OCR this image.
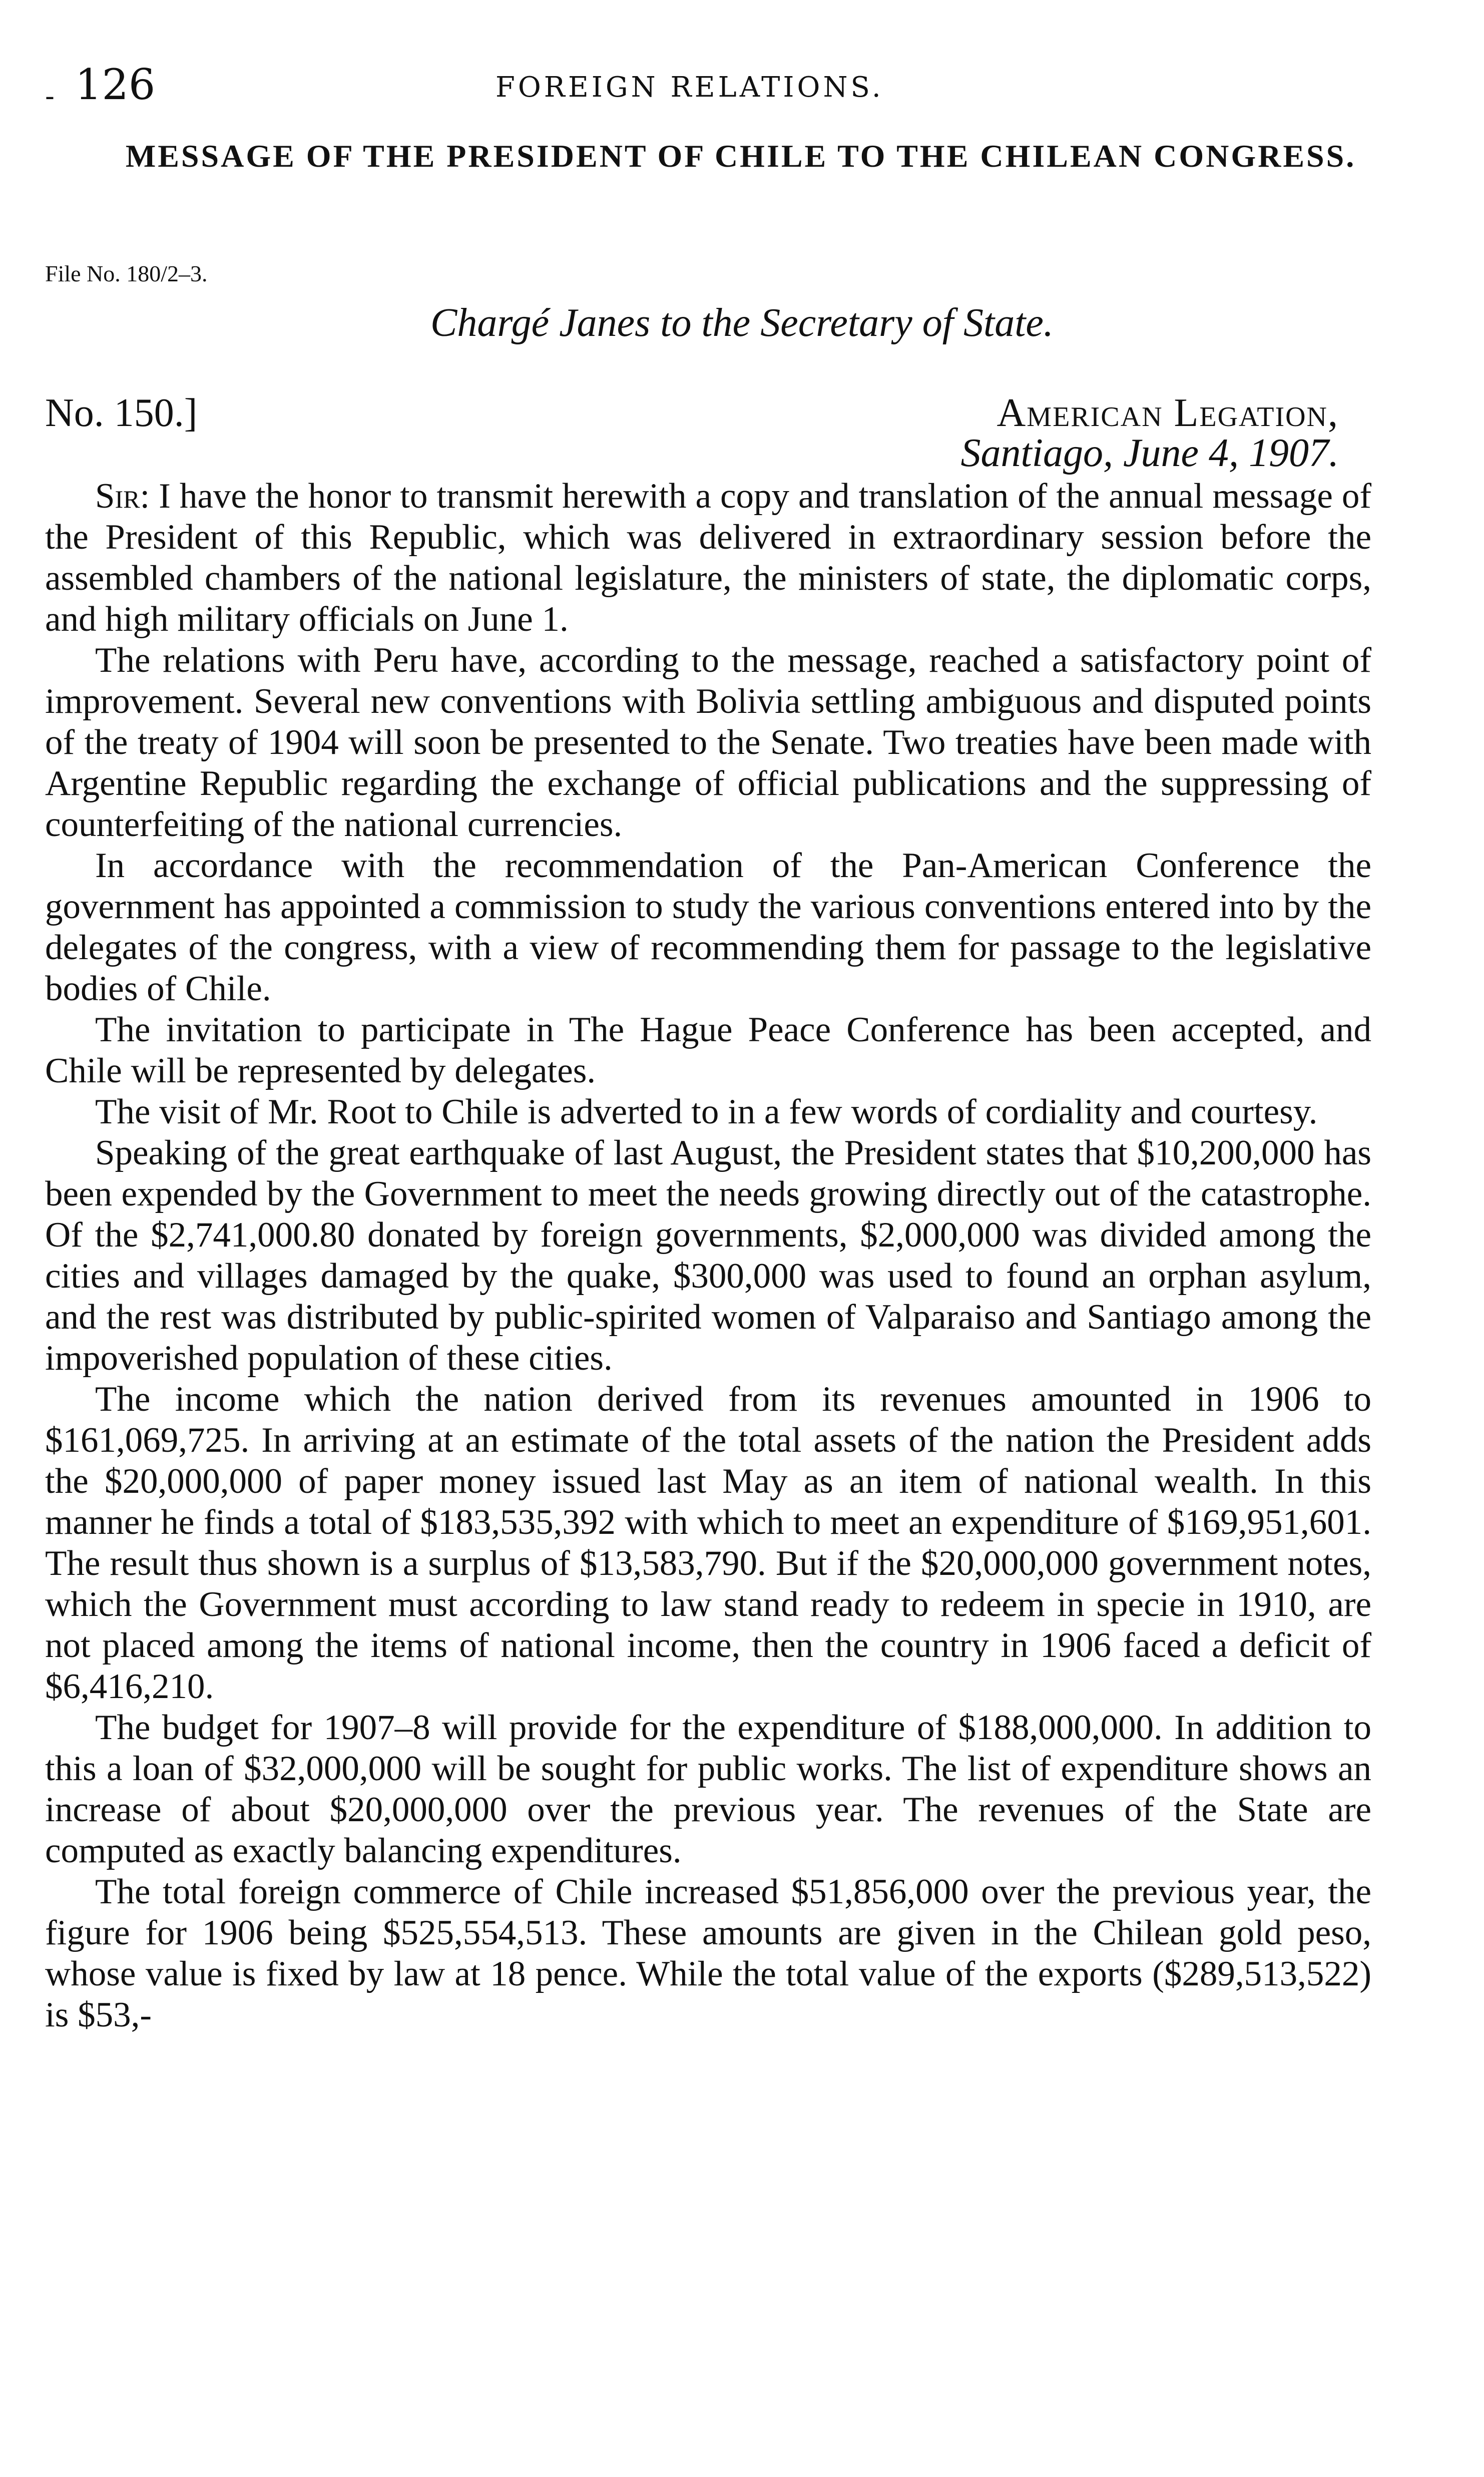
- 126	FOREIGN RELATIONS.
MESSAGE OF THE PRESIDENT OF CHILE TO THE CHILEAN CONGRESS.
File No. 180/2–3.
Chargé Janes to the Secretary of State.
No. 150.]	American Legation,
Santiago, June 4, 1907.

Sir: I have the honor to transmit herewith a copy and translation of the annual message of the President of this Republic, which was delivered in extraordinary session before the assembled chambers of the national legislature, the ministers of state, the diplomatic corps, and high military officials on June 1.

The relations with Peru have, according to the message, reached a satisfactory point of improvement. Several new conventions with Bolivia settling ambiguous and disputed points of the treaty of 1904 will soon be presented to the Senate. Two treaties have been made with Argentine Republic regarding the exchange of official publications and the suppressing of counterfeiting of the national currencies.

In accordance with the recommendation of the Pan-American Conference the government has appointed a commission to study the various conventions entered into by the delegates of the congress, with a view of recommending them for passage to the legislative bodies of Chile.

The invitation to participate in The Hague Peace Conference has been accepted, and Chile will be represented by delegates.

The visit of Mr. Root to Chile is adverted to in a few words of cordiality and courtesy.

Speaking of the great earthquake of last August, the President states that $10,200,000 has been expended by the Government to meet the needs growing directly out of the catastrophe. Of the $2,741,000.80 donated by foreign governments, $2,000,000 was divided among the cities and villages damaged by the quake, $300,000 was used to found an orphan asylum, and the rest was distributed by public-spirited women of Valparaiso and Santiago among the impoverished population of these cities.

The income which the nation derived from its revenues amounted in 1906 to $161,069,725. In arriving at an estimate of the total assets of the nation the President adds the $20,000,000 of paper money issued last May as an item of national wealth. In this manner he finds a total of $183,535,392 with which to meet an expenditure of $169,951,601. The result thus shown is a surplus of $13,583,790. But if the $20,000,000 government notes, which the Government must according to law stand ready to redeem in specie in 1910, are not placed among the items of national income, then the country in 1906 faced a deficit of $6,416,210.

The budget for 1907–8 will provide for the expenditure of $188,000,000. In addition to this a loan of $32,000,000 will be sought for public works. The list of expenditure shows an increase of about $20,000,000 over the previous year. The revenues of the State are computed as exactly balancing expenditures.

The total foreign commerce of Chile increased $51,856,000 over the previous year, the figure for 1906 being $525,554,513. These amounts are given in the Chilean gold peso, whose value is fixed by law at 18 pence. While the total value of the exports ($289,513,522) is $53,-
